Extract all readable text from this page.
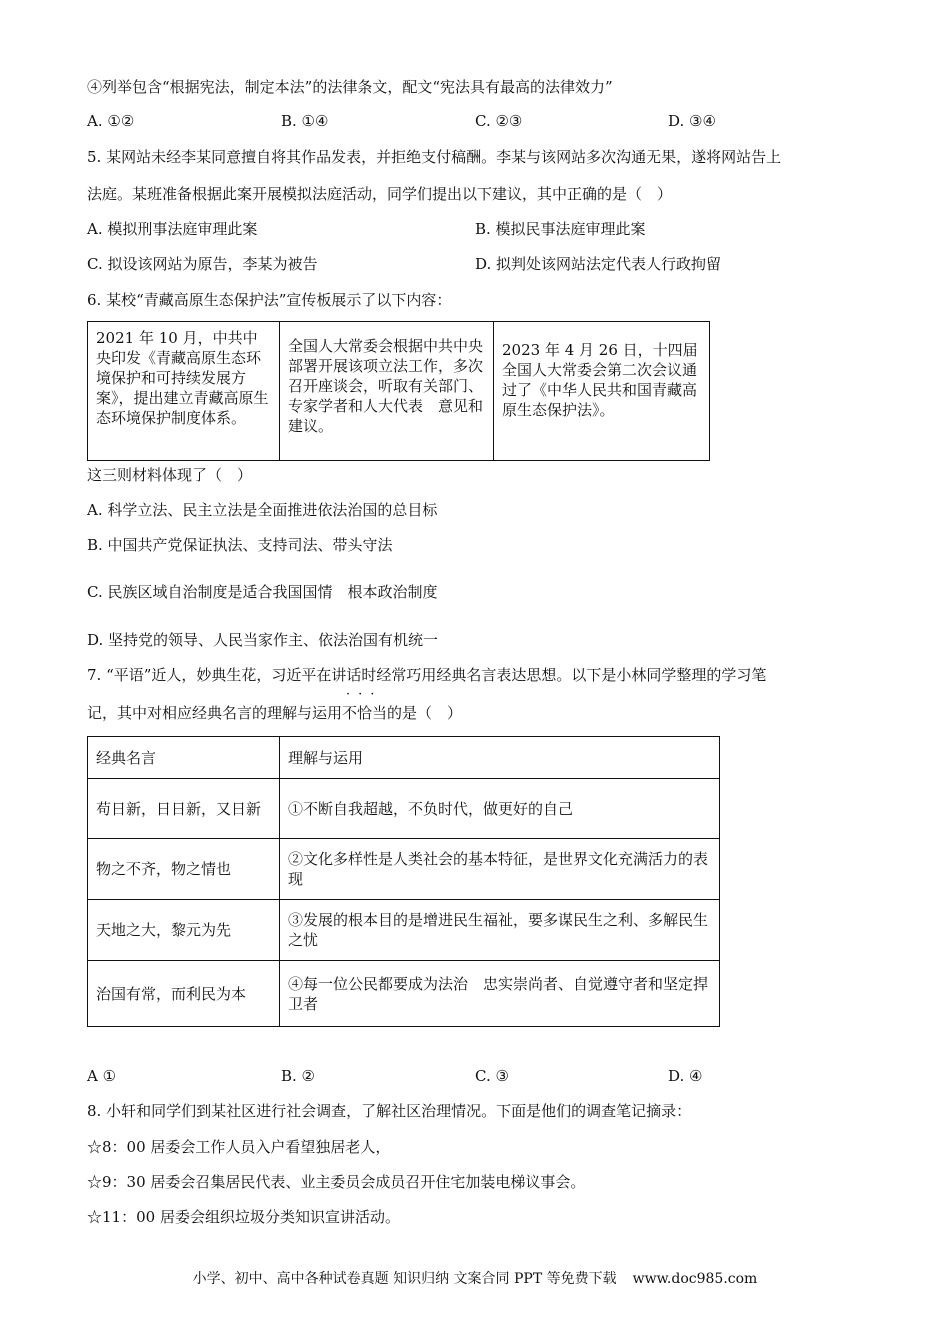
④列举包含“根据宪法，制定本法”的法律条文，配文“宪法具有最高的法律效力”
A. ①②	B. ①④	C. ②③	D. ③④
5. 某网站未经李某同意擅自将其作品发表，并拒绝支付稿酬。李某与该网站多次沟通无果，遂将网站告上
法庭。某班准备根据此案开展模拟法庭活动，同学们提出以下建议，其中正确的是（　）
A. 模拟刑事法庭审理此案	B. 模拟民事法庭审理此案
C. 拟设该网站为原告，李某为被告	D. 拟判处该网站法定代表人行政拘留
6. 某校“青藏高原生态保护法”宣传板展示了以下内容：
2021 年 10 月，中共中央印发《青藏高原生态环境保护和可持续发展方案》，提出建立青藏高原生态环境保护制度体系。	全国人大常委会根据中共中央部署开展该项立法工作，多次召开座谈会，听取有关部门、专家学者和人大代表　意见和建议。	2023 年 4 月 26 日，十四届全国人大常委会第二次会议通过了《中华人民共和国青藏高原生态保护法》。
这三则材料体现了（　）
A. 科学立法、民主立法是全面推进依法治国的总目标
B. 中国共产党保证执法、支持司法、带头守法
C. 民族区域自治制度是适合我国国情　根本政治制度
D. 坚持党的领导、人民当家作主、依法治国有机统一
7. “平语”近人，妙典生花，习近平在讲话时经常巧用经典名言表达思想。以下是小林同学整理的学习笔
记，其中对相应经典名言的理解与运用
···
不恰当的是（　）
经典名言	理解与运用
苟日新，日日新，又日新	①不断自我超越，不负时代，做更好的自己
物之不齐，物之情也	②文化多样性是人类社会的基本特征，是世界文化充满活力的表现
天地之大，黎元为先	③发展的根本目的是增进民生福祉，要多谋民生之利、多解民生之忧
治国有常，而利民为本	④每一位公民都要成为法治　忠实崇尚者、自觉遵守者和坚定捍卫者
A ①	B. ②	C. ③	D. ④
8. 小轩和同学们到某社区进行社会调查，了解社区治理情况。下面是他们的调查笔记摘录：
☆8：00 居委会工作人员入户看望独居老人，
☆9：30 居委会召集居民代表、业主委员会成员召开住宅加装电梯议事会。
☆11：00 居委会组织垃圾分类知识宣讲活动。
小学、初中、高中各种试卷真题 知识归纳 文案合同 PPT 等免费下载 www.doc985.com
